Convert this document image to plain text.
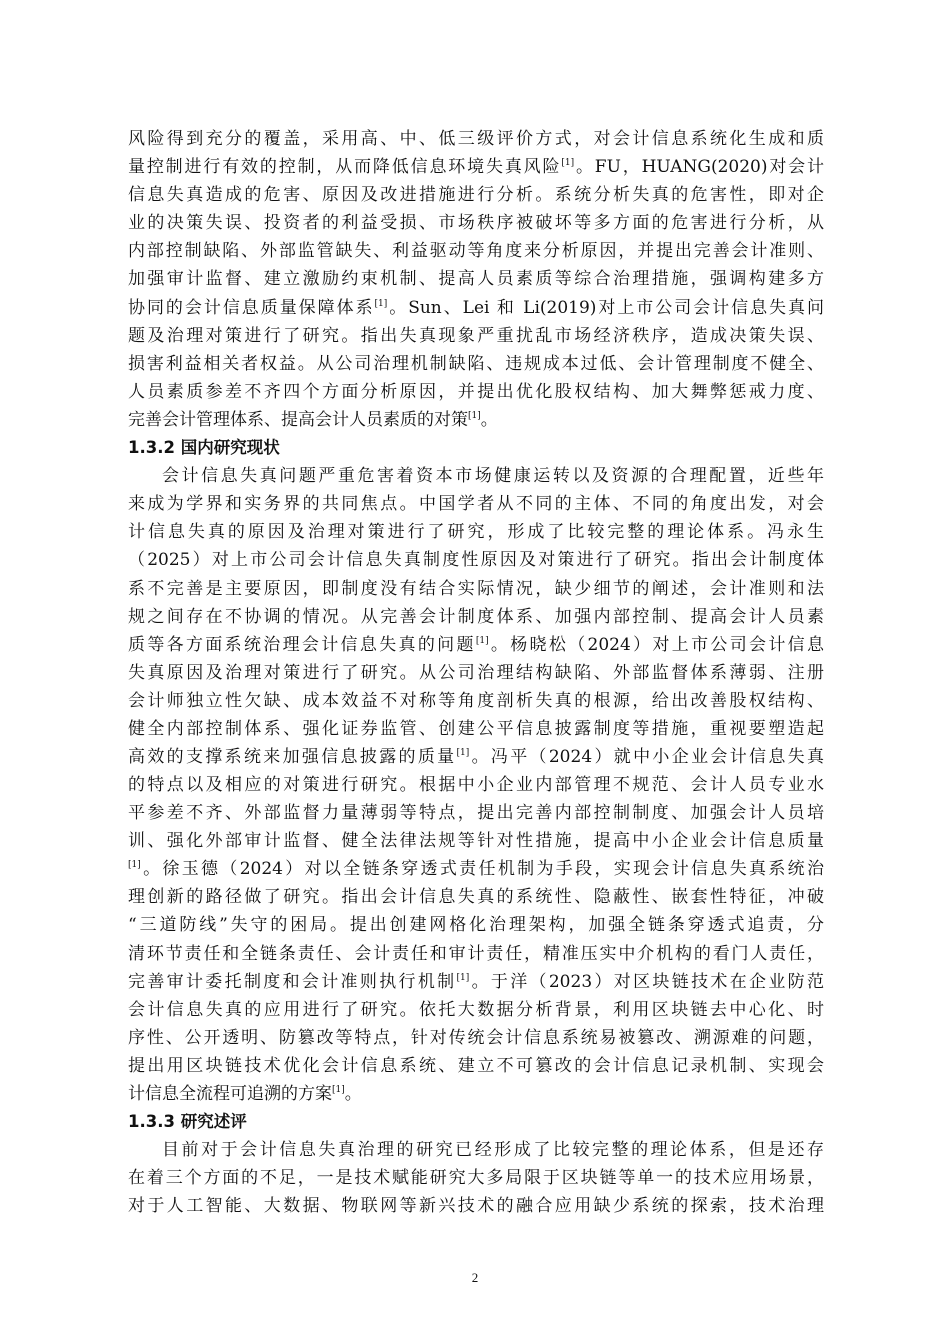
风险得到充分的覆盖，采用高、中、低三级评价方式，对会计信息系统化生成和质
量控制进行有效的控制，从而降低信息环境失真风险[1]。FU，HUANG(2020)对会计
信息失真造成的危害、原因及改进措施进行分析。系统分析失真的危害性，即对企
业的决策失误、投资者的利益受损、市场秩序被破坏等多方面的危害进行分析，从
内部控制缺陷、外部监管缺失、利益驱动等角度来分析原因，并提出完善会计准则、
加强审计监督、建立激励约束机制、提高人员素质等综合治理措施，强调构建多方
协同的会计信息质量保障体系[1]。Sun、Lei 和 Li(2019)对上市公司会计信息失真问
题及治理对策进行了研究。指出失真现象严重扰乱市场经济秩序，造成决策失误、
损害利益相关者权益。从公司治理机制缺陷、违规成本过低、会计管理制度不健全、
人员素质参差不齐四个方面分析原因，并提出优化股权结构、加大舞弊惩戒力度、
完善会计管理体系、提高会计人员素质的对策[1]。
1.3.2 国内研究现状
会计信息失真问题严重危害着资本市场健康运转以及资源的合理配置，近些年
来成为学界和实务界的共同焦点。中国学者从不同的主体、不同的角度出发，对会
计信息失真的原因及治理对策进行了研究，形成了比较完整的理论体系。冯永生
（2025）对上市公司会计信息失真制度性原因及对策进行了研究。指出会计制度体
系不完善是主要原因，即制度没有结合实际情况，缺少细节的阐述，会计准则和法
规之间存在不协调的情况。从完善会计制度体系、加强内部控制、提高会计人员素
质等各方面系统治理会计信息失真的问题[1]。杨晓松（2024）对上市公司会计信息
失真原因及治理对策进行了研究。从公司治理结构缺陷、外部监督体系薄弱、注册
会计师独立性欠缺、成本效益不对称等角度剖析失真的根源，给出改善股权结构、
健全内部控制体系、强化证券监管、创建公平信息披露制度等措施，重视要塑造起
高效的支撑系统来加强信息披露的质量[1]。冯平（2024）就中小企业会计信息失真
的特点以及相应的对策进行研究。根据中小企业内部管理不规范、会计人员专业水
平参差不齐、外部监督力量薄弱等特点，提出完善内部控制制度、加强会计人员培
训、强化外部审计监督、健全法律法规等针对性措施，提高中小企业会计信息质量
[1]。徐玉德（2024）对以全链条穿透式责任机制为手段，实现会计信息失真系统治
理创新的路径做了研究。指出会计信息失真的系统性、隐蔽性、嵌套性特征，冲破
“三道防线”失守的困局。提出创建网格化治理架构，加强全链条穿透式追责，分
清环节责任和全链条责任、会计责任和审计责任，精准压实中介机构的看门人责任，
完善审计委托制度和会计准则执行机制[1]。于洋（2023）对区块链技术在企业防范
会计信息失真的应用进行了研究。依托大数据分析背景，利用区块链去中心化、时
序性、公开透明、防篡改等特点，针对传统会计信息系统易被篡改、溯源难的问题，
提出用区块链技术优化会计信息系统、建立不可篡改的会计信息记录机制、实现会
计信息全流程可追溯的方案[1]。
1.3.3 研究述评
目前对于会计信息失真治理的研究已经形成了比较完整的理论体系，但是还存
在着三个方面的不足，一是技术赋能研究大多局限于区块链等单一的技术应用场景，
对于人工智能、大数据、物联网等新兴技术的融合应用缺少系统的探索，技术治理
2
